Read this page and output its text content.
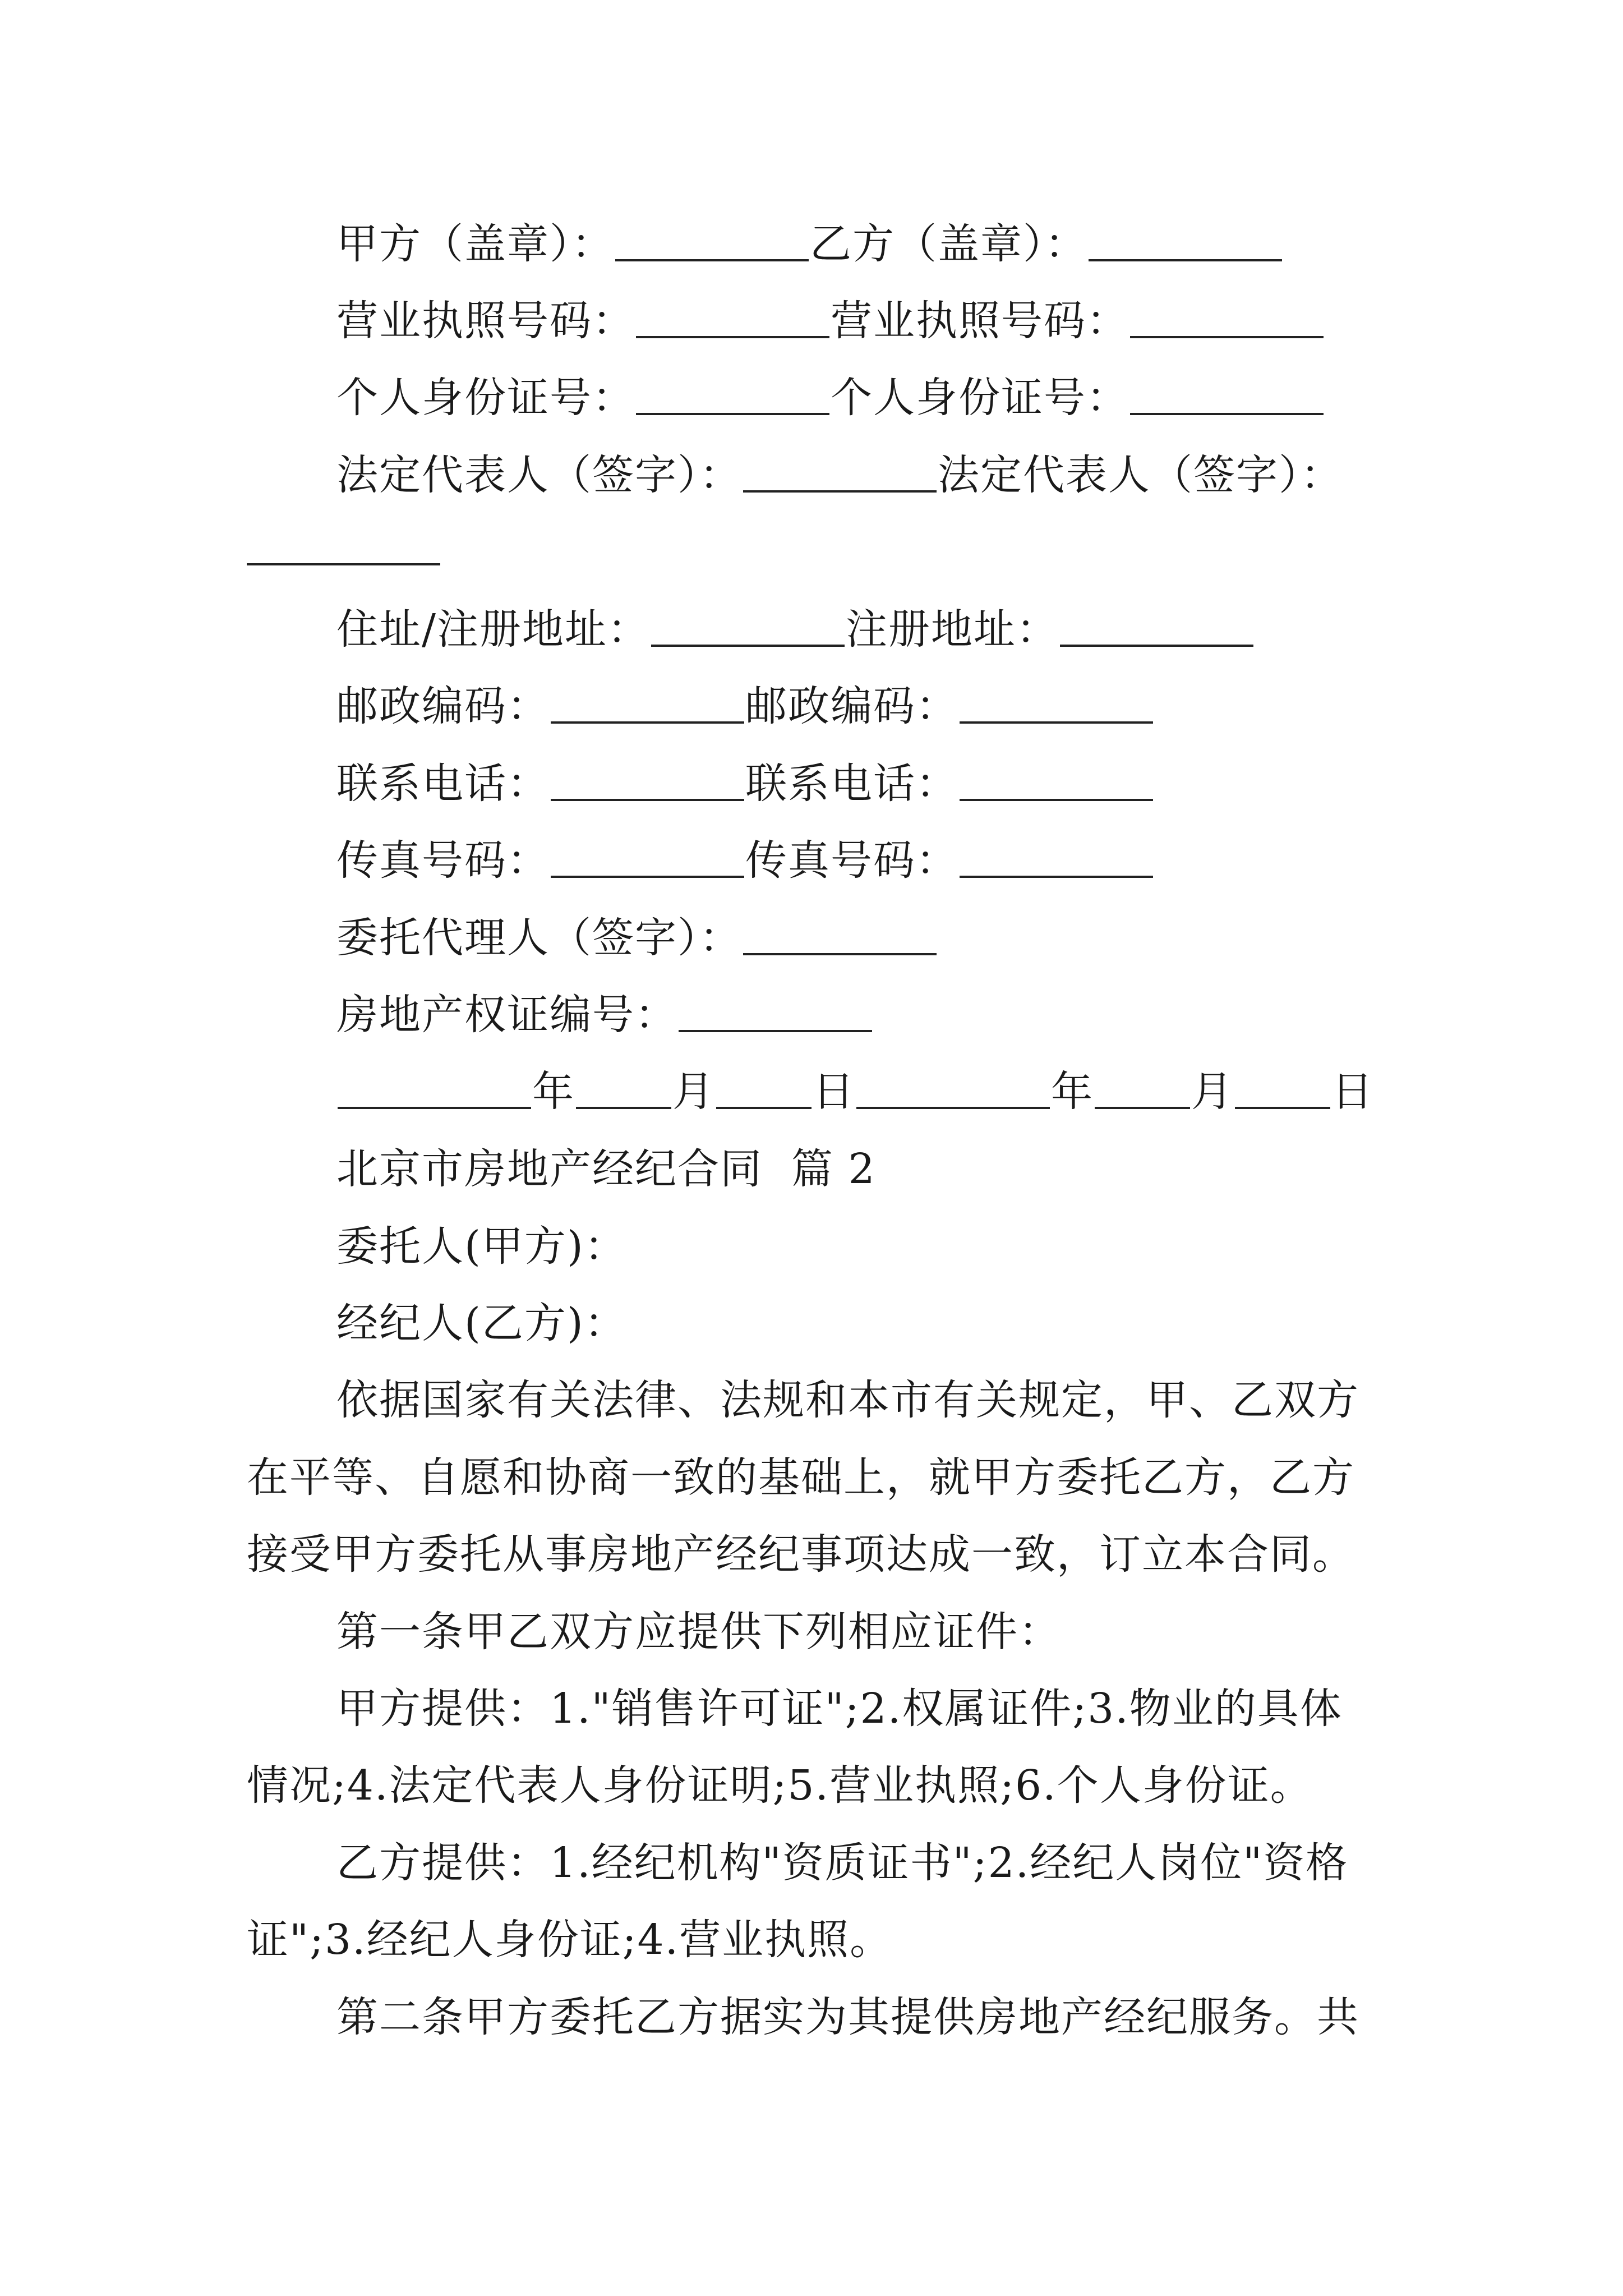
甲方（盖章）：	乙方（盖章）：
营业执照号码：	营业执照号码：
个人身份证号：	个人身份证号：
法定代表人（签字）：	法定代表人（签字）：
住址/注册地址：	注册地址：
邮政编码：	邮政编码：
联系电话：	联系电话：
传真号码：	传真号码：
委托代理人（签字）：
房地产权证编号：
年 月 日	年 月 日
北京市房地产经纪合同  篇 2
委托人(甲方)：
经纪人(乙方)：
依据国家有关法律、法规和本市有关规定，甲、乙双方
在平等、自愿和协商一致的基础上，就甲方委托乙方，乙方
接受甲方委托从事房地产经纪事项达成一致，订立本合同。
第一条甲乙双方应提供下列相应证件：
甲方提供：1."销售许可证";2.权属证件;3.物业的具体
情况;4.法定代表人身份证明;5.营业执照;6.个人身份证。
乙方提供：1.经纪机构"资质证书";2.经纪人岗位"资格
证";3.经纪人身份证;4.营业执照。
第二条甲方委托乙方据实为其提供房地产经纪服务。共
